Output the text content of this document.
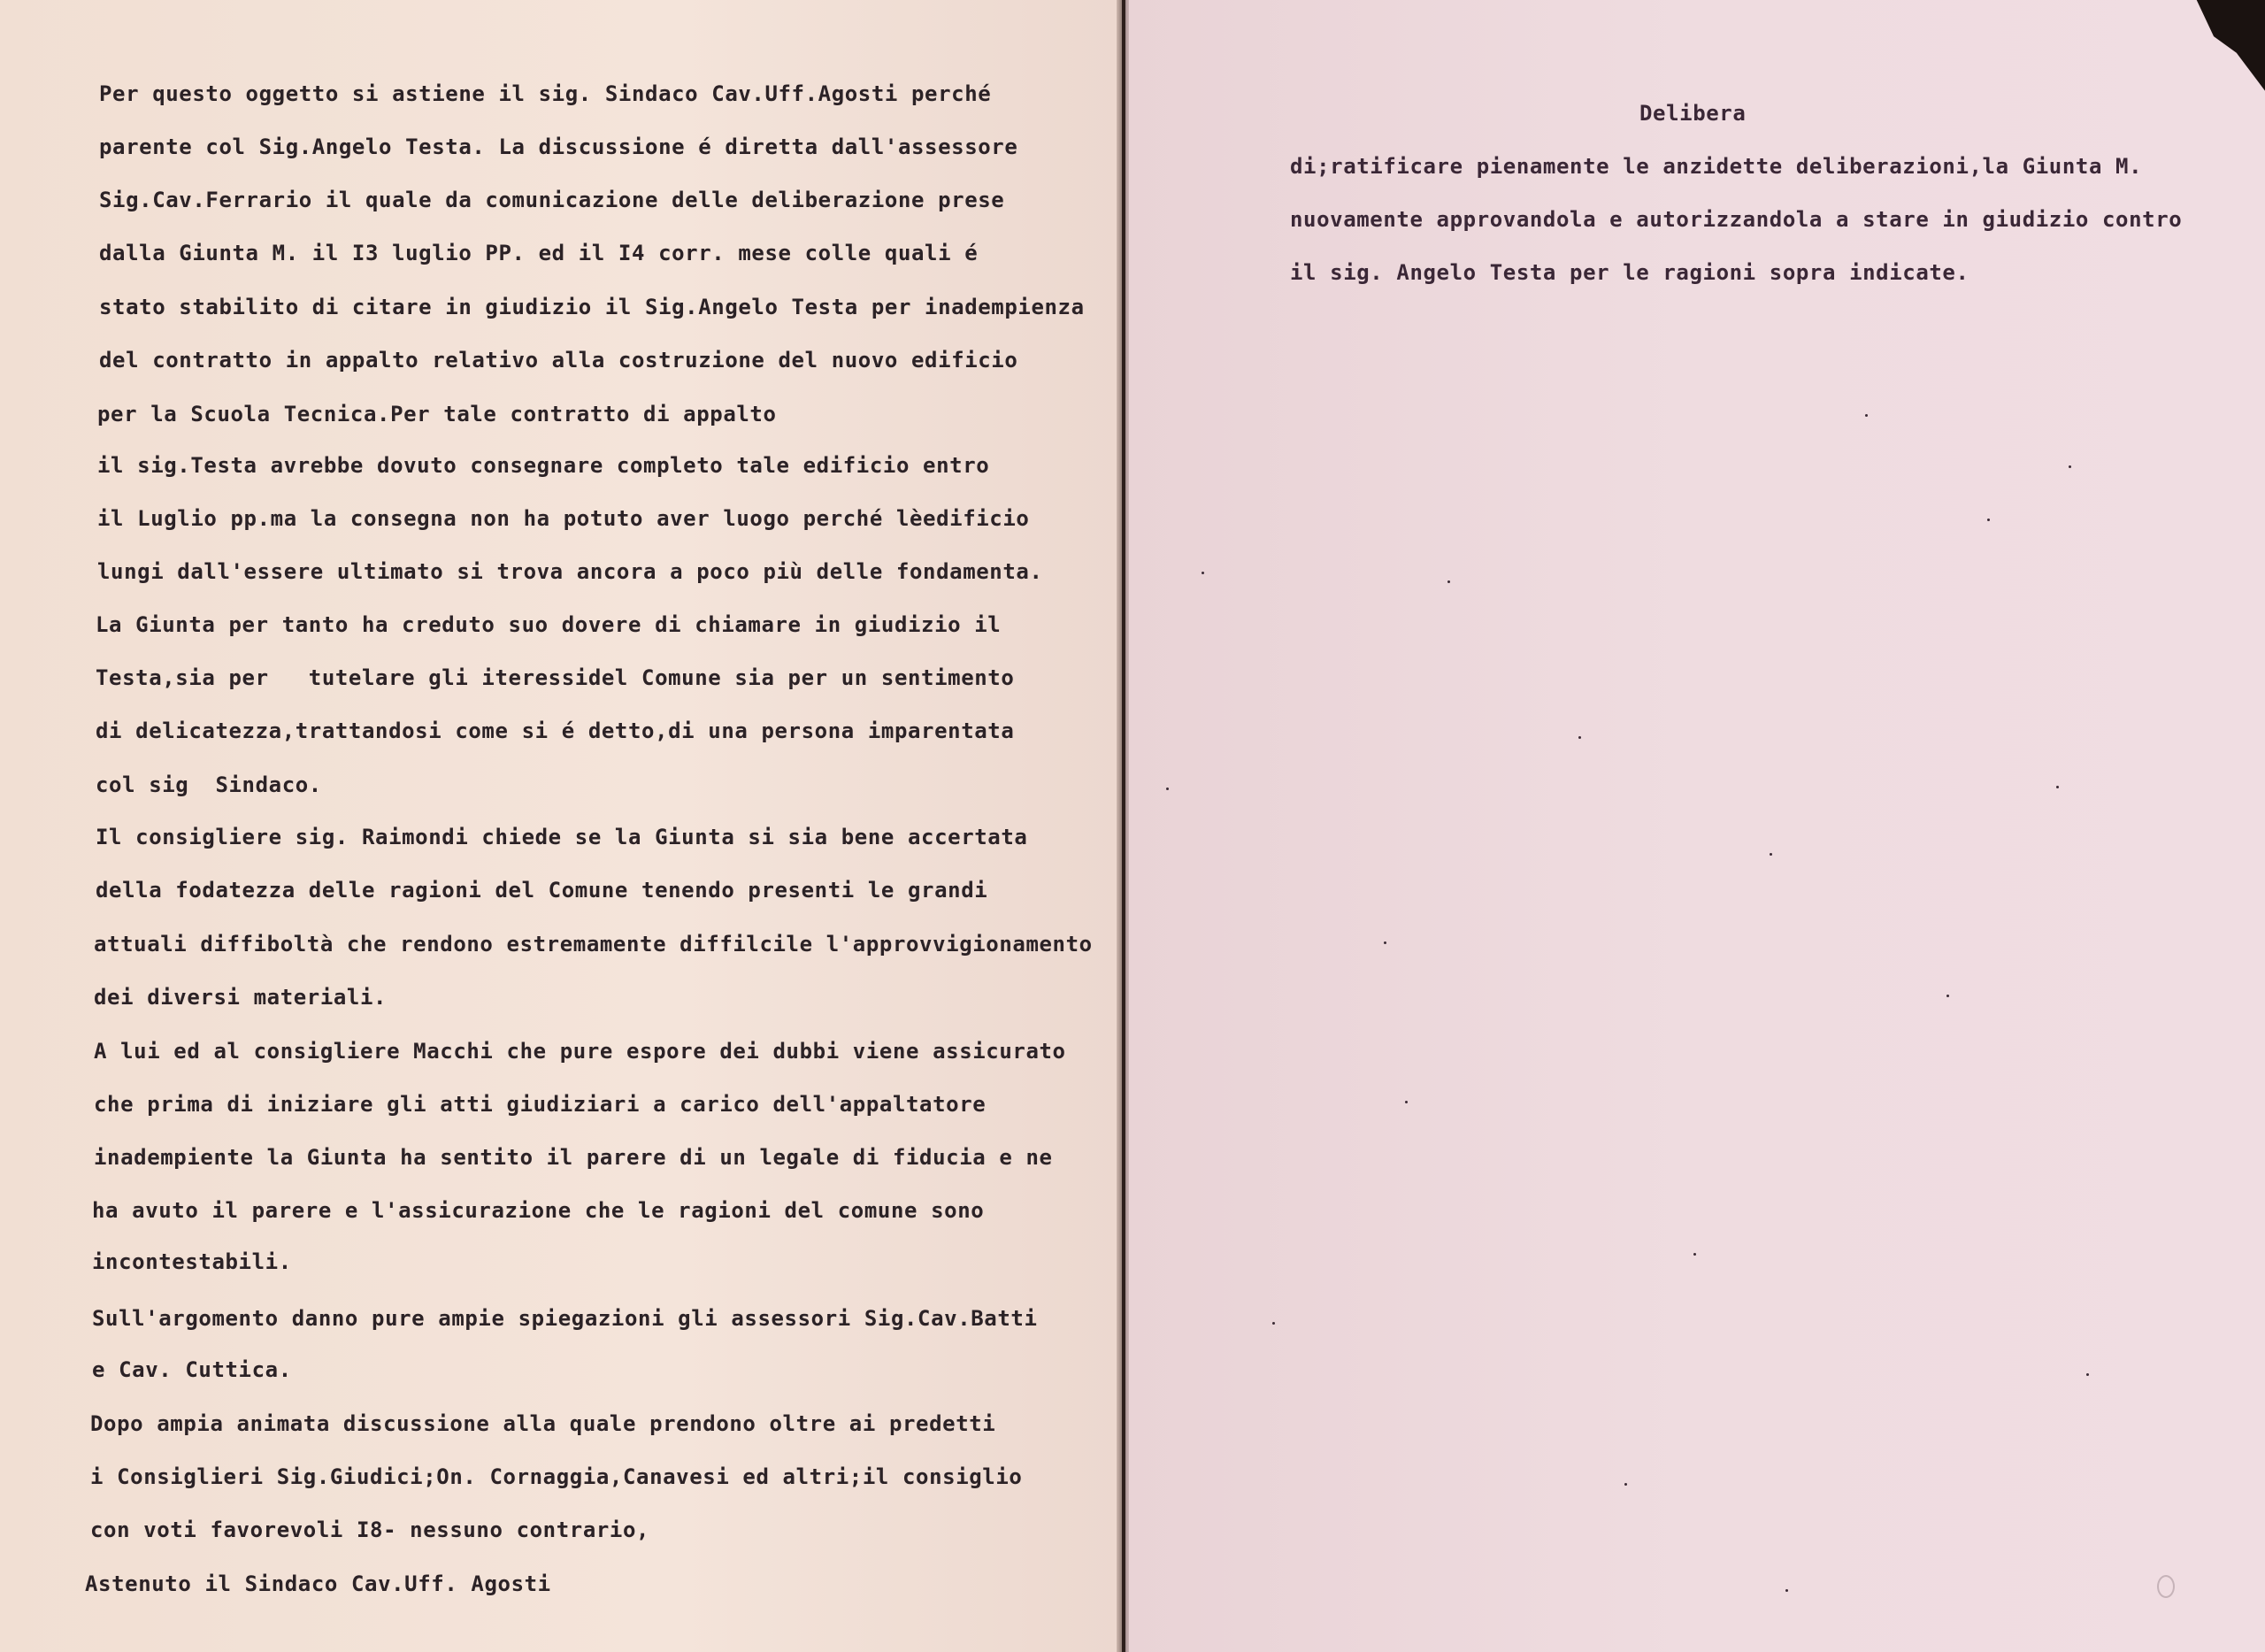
Per questo oggetto si astiene il sig. Sindaco Cav.Uff.Agosti perché
parente col Sig.Angelo Testa. La discussione é diretta dall'assessore
Sig.Cav.Ferrario il quale da comunicazione delle deliberazione prese
dalla Giunta M. il I3 luglio PP. ed il I4 corr. mese colle quali é
stato stabilito di citare in giudizio il Sig.Angelo Testa per inadempienza
del contratto in appalto relativo alla costruzione del nuovo edificio
per la Scuola Tecnica.Per tale contratto di appalto
il sig.Testa avrebbe dovuto consegnare completo tale edificio entro
il Luglio pp.ma la consegna non ha potuto aver luogo perché lèedificio
lungi dall'essere ultimato si trova ancora a poco più delle fondamenta.
La Giunta per tanto ha creduto suo dovere di chiamare in giudizio il
Testa,sia per   tutelare gli iteressidel Comune sia per un sentimento
di delicatezza,trattandosi come si é detto,di una persona imparentata
col sig  Sindaco.
Il consigliere sig. Raimondi chiede se la Giunta si sia bene accertata
della fodatezza delle ragioni del Comune tenendo presenti le grandi
attuali diffiboltà che rendono estremamente diffilcile l'approvvigionamento
dei diversi materiali.
A lui ed al consigliere Macchi che pure espore dei dubbi viene assicurato
che prima di iniziare gli atti giudiziari a carico dell'appaltatore
inadempiente la Giunta ha sentito il parere di un legale di fiducia e ne
ha avuto il parere e l'assicurazione che le ragioni del comune sono
incontestabili.
Sull'argomento danno pure ampie spiegazioni gli assessori Sig.Cav.Batti
e Cav. Cuttica.
Dopo ampia animata discussione alla quale prendono oltre ai predetti
i Consiglieri Sig.Giudici;On. Cornaggia,Canavesi ed altri;il consiglio
con voti favorevoli I8- nessuno contrario,
Astenuto il Sindaco Cav.Uff. Agosti
Delibera
di;ratificare pienamente le anzidette deliberazioni,la Giunta M.
nuovamente approvandola e autorizzandola a stare in giudizio contro
il sig. Angelo Testa per le ragioni sopra indicate.
